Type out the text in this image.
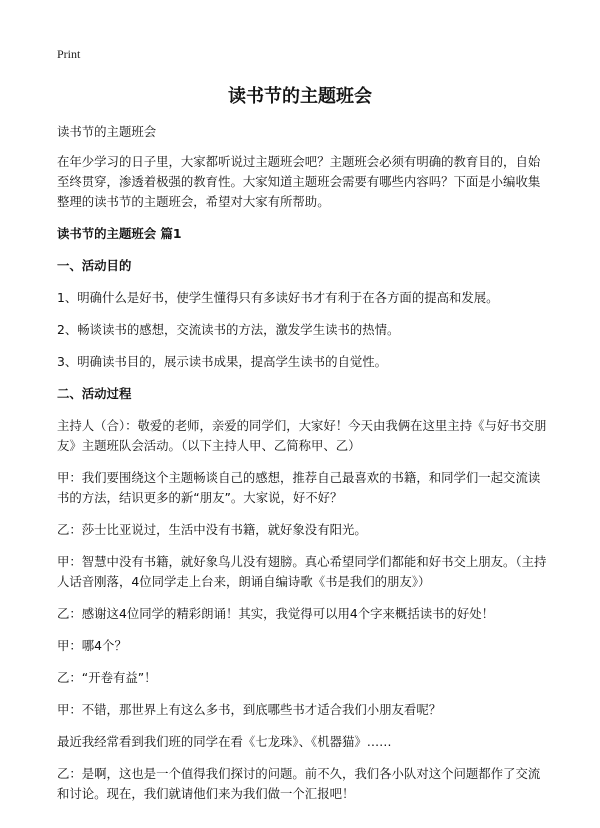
Print
读书节的主题班会

读书节的主题班会

在年少学习的日子里，大家都听说过主题班会吧？主题班会必须有明确的教育目的，自始至终贯穿，渗透着极强的教育性。大家知道主题班会需要有哪些内容吗？下面是小编收集整理的读书节的主题班会，希望对大家有所帮助。

读书节的主题班会 篇1

一、活动目的

1、明确什么是好书，使学生懂得只有多读好书才有利于在各方面的提高和发展。

2、畅谈读书的感想，交流读书的方法，激发学生读书的热情。

3、明确读书目的，展示读书成果，提高学生读书的自觉性。

二、活动过程

主持人（合）：敬爱的老师，亲爱的同学们，大家好！今天由我俩在这里主持《与好书交朋友》主题班队会活动。（以下主持人甲、乙简称甲、乙）

甲：我们要围绕这个主题畅谈自己的感想，推荐自己最喜欢的书籍，和同学们一起交流读书的方法，结识更多的新“朋友”。大家说，好不好？

乙：莎士比亚说过，生活中没有书籍，就好象没有阳光。

甲：智慧中没有书籍，就好象鸟儿没有翅膀。真心希望同学们都能和好书交上朋友。（主持人话音刚落，4位同学走上台来，朗诵自编诗歌《书是我们的朋友》）

乙：感谢这4位同学的精彩朗诵！其实，我觉得可以用4个字来概括读书的好处！

甲：哪4个？

乙：“开卷有益”！

甲：不错，那世界上有这么多书，到底哪些书才适合我们小朋友看呢？

最近我经常看到我们班的同学在看《七龙珠》、《机器猫》……

乙：是啊，这也是一个值得我们探讨的问题。前不久，我们各小队对这个问题都作了交流和讨论。现在，我们就请他们来为我们做一个汇报吧！
